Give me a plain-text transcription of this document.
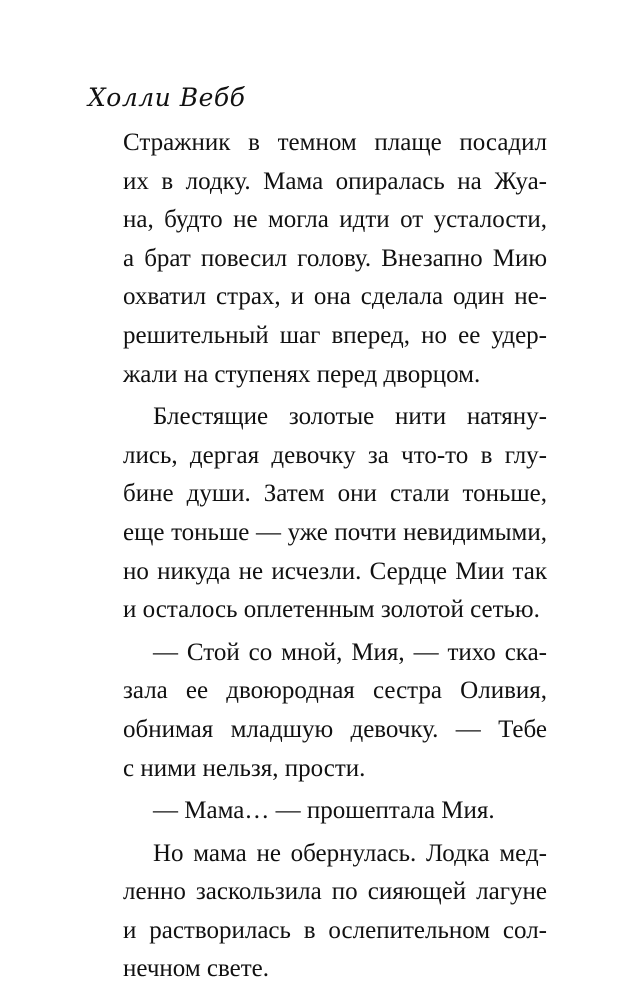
Холли Вебб
Стражник в темном плаще посадил
их в лодку. Мама опиралась на Жуа-
на, будто не могла идти от усталости,
а брат повесил голову. Внезапно Мию
охватил страх, и она сделала один не-
решительный шаг вперед, но ее удер-
жали на ступенях перед дворцом.
Блестящие золотые нити натяну-
лись, дергая девочку за что-то в глу-
бине души. Затем они стали тоньше,
еще тоньше — уже почти невидимыми,
но никуда не исчезли. Сердце Мии так
и осталось оплетенным золотой сетью.
— Стой со мной, Мия, — тихо ска-
зала ее двоюродная сестра Оливия,
обнимая младшую девочку. — Тебе
с ними нельзя, прости.
— Мама… — прошептала Мия.
Но мама не обернулась. Лодка мед-
ленно заскользила по сияющей лагуне
и растворилась в ослепительном сол-
нечном свете.
